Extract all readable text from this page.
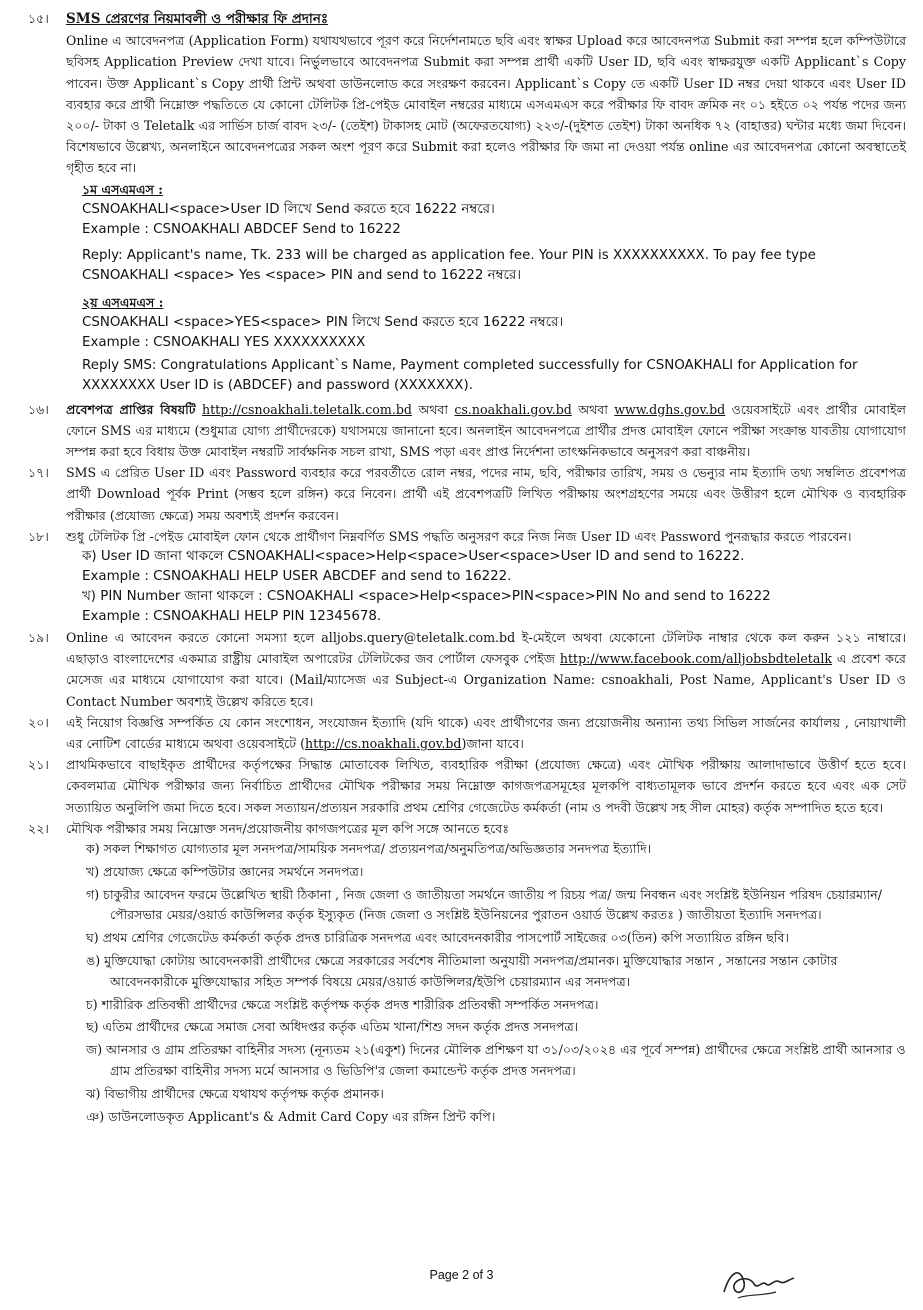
১৫।	SMS প্রেরণের নিয়মাবলী ও পরীক্ষার ফি প্রদানঃ

Online এ আবেদনপত্র (Application Form) যথাযথভাবে পূরণ করে নির্দেশনামতে ছবি এবং স্বাক্ষর Upload করে আবেদনপত্র Submit করা সম্পন্ন হলে কম্পিউটারে ছবিসহ Application Preview দেখা যাবে। নির্ভুলভাবে আবেদনপত্র Submit করা সম্পন্ন প্রার্থী একটি User ID, ছবি এবং স্বাক্ষরযুক্ত একটি Applicant`s Copy পাবেন। উক্ত Applicant`s Copy প্রার্থী প্রিন্ট অথবা ডাউনলোড করে সংরক্ষণ করবেন। Applicant`s Copy তে একটি User ID নম্বর দেয়া থাকবে এবং User ID ব্যবহার করে প্রার্থী নিম্নোক্ত পদ্ধতিতে যে কোনো টেলিটক প্রি-পেইড মোবাইল নম্বরের মাধ্যমে এসএমএস করে পরীক্ষার ফি বাবদ ক্রমিক নং ০১ হইতে ০২ পর্যন্ত পদের জন্য ২০০/- টাকা ও Teletalk এর সার্ভিস চার্জ বাবদ ২৩/- (তেইশ) টাকাসহ মোট (অফেরতযোগ্য) ২২৩/-(দুইশত তেইশ) টাকা অনধিক ৭২ (বাহাত্তর) ঘন্টার মধ্যে জমা দিবেন। বিশেষভাবে উল্লেখ্য, অনলাইনে আবেদনপত্রের সকল অংশ পূরণ করে Submit করা হলেও পরীক্ষার ফি জমা না দেওয়া পর্যন্ত online এর আবেদনপত্র কোনো অবস্থাতেই গৃহীত হবে না।

১ম এসএমএস :
CSNOAKHALI<space>User ID লিখে Send করতে হবে 16222 নম্বরে।
Example : CSNOAKHALI ABDCEF Send to 16222
Reply: Applicant's name, Tk. 233 will be charged as application fee. Your PIN is XXXXXXXXXX. To pay fee type CSNOAKHALI <space> Yes <space> PIN and send to 16222 নম্বরে।
২য় এসএমএস :
CSNOAKHALI <space>YES<space> PIN লিখে Send করতে হবে 16222 নম্বরে।
Example : CSNOAKHALI YES XXXXXXXXXX
Reply SMS: Congratulations Applicant`s Name, Payment completed successfully for CSNOAKHALI for Application for XXXXXXXX User ID is (ABDCEF) and password (XXXXXXX).
১৬।	প্রবেশপত্র প্রাপ্তির বিষয়টি http://csnoakhali.teletalk.com.bd অথবা cs.noakhali.gov.bd অথবা www.dghs.gov.bd ওয়েবসাইটে এবং প্রার্থীর মোবাইল ফোনে SMS এর মাধ্যমে (শুধুমাত্র যোগ্য প্রার্থীদেরকে) যথাসময়ে জানানো হবে। অনলাইন আবেদনপত্রে প্রার্থীর প্রদত্ত মোবাইল ফোনে পরীক্ষা সংক্রান্ত যাবতীয় যোগাযোগ সম্পন্ন করা হবে বিধায় উক্ত মোবাইল নম্বরটি সার্বক্ষনিক সচল রাখা, SMS পড়া এবং প্রাপ্ত নির্দেশনা তাৎক্ষনিকভাবে অনুসরণ করা বাঞ্চনীয়।

১৭।	SMS এ প্রেরিত User ID এবং Password ব্যবহার করে পরবর্তীতে রোল নম্বর, পদের নাম, ছবি, পরীক্ষার তারিখ, সময় ও ভেন্যুর নাম ইত্যাদি তথ্য সম্বলিত প্রবেশপত্র প্রার্থী Download পূর্বক Print (সম্ভব হলে রঙ্গিন) করে নিবেন। প্রার্থী এই প্রবেশপত্রটি লিখিত পরীক্ষায় অংশগ্রহণের সময়ে এবং উত্তীরণ হলে মৌখিক ও ব্যবহারিক পরীক্ষার (প্রযোজ্য ক্ষেত্রে) সময় অবশ্যই প্রদর্শন করবেন।

১৮।	শুধু টেলিটক প্রি -পেইড মোবাইল ফোন থেকে প্রার্থীগণ নিম্নবর্ণিত SMS পদ্ধতি অনুসরণ করে নিজ নিজ User ID এবং Password পুনরূদ্ধার করতে পারবেন।

ক) User ID জানা থাকলে CSNOAKHALI<space>Help<space>User<space>User ID and send to 16222.
Example : CSNOAKHALI HELP USER ABCDEF and send to 16222.
খ) PIN Number জানা থাকলে : CSNOAKHALI <space>Help<space>PIN<space>PIN No and send to 16222
Example : CSNOAKHALI HELP PIN 12345678.
১৯।	Online এ আবেদন করতে কোনো সমস্যা হলে alljobs.query@teletalk.com.bd ই-মেইলে অথবা যেকোনো টেলিটক নাম্বার থেকে কল করুন ১২১ নাম্বারে। এছাড়াও বাংলাদেশের একমাত্র রাষ্ট্রীয় মোবাইল অপারেটর টেলিটকের জব পোর্টাল ফেসবুক পেইজ http://www.facebook.com/alljobsbdteletalk এ প্রবেশ করে মেসেজ এর মাধ্যমে যোগাযোগ করা যাবে। (Mail/ম্যাসেজ এর Subject-এ Organization Name: csnoakhali, Post Name, Applicant's User ID ও Contact Number অবশ্যই উল্লেখ করিতে হবে।

২০।	এই নিয়োগ বিজ্ঞপ্তি সম্পর্কিত যে কোন সংশোধন, সংযোজন ইত্যাদি (যদি থাকে) এবং প্রার্থীগণের জন্য প্রয়োজনীয় অন্যান্য তথ্য সিভিল সার্জনের কার্যালয় , নোয়াখালী এর নোটিশ বোর্ডের মাধ্যমে অথবা ওয়েবসাইটে (http://cs.noakhali.gov.bd)জানা যাবে।

২১।	প্রাথমিকভাবে বাছাইকৃত প্রার্থীদের কর্তৃপক্ষের সিদ্ধান্ত মোতাবেক লিখিত, ব্যবহারিক পরীক্ষা (প্রযোজ্য ক্ষেত্রে) এবং মৌখিক পরীক্ষায় আলাদাভাবে উত্তীর্ণ হতে হবে। কেবলমাত্র মৌখিক পরীক্ষার জন্য নির্বাচিত প্রার্থীদের মৌখিক পরীক্ষার সময় নিম্নোক্ত কাগজপত্রসমূহের মূলকপি বাধ্যতামূলক ভাবে প্রদর্শন করতে হবে এবং এক সেট সত্যায়িত অনুলিপি জমা দিতে হবে। সকল সত্যায়ন/প্রত্যয়ন সরকারি প্রথম শ্রেণির গেজেটেড কর্মকর্তা (নাম ও পদবী উল্লেখ সহ সীল মোহর) কর্তৃক সম্পাদিত হতে হবে।

২২।	মৌখিক পরীক্ষার সময় নিম্নোক্ত সনদ/প্রয়োজনীয় কাগজপত্রের মূল কপি সঙ্গে আনতে হবেঃ

ক) সকল শিক্ষাগত যোগ্যতার মূল সনদপত্র/সাময়িক সনদপত্র/ প্রত্যয়নপত্র/অনুমতিপত্র/অভিজ্ঞতার সনদপত্র ইত্যাদি।

খ) প্রযোজ্য ক্ষেত্রে কম্পিউটার জ্ঞানের সমর্থনে সনদপত্র।

গ) চাকুরীর আবেদন ফরমে উল্লেখিত স্থায়ী ঠিকানা , নিজ জেলা ও জাতীয়তা সমর্থনে জাতীয় প রিচয় পত্র/ জন্ম নিবন্ধন এবং সংশ্লিষ্ট ইউনিয়ন পরিষদ চেয়ারম্যান/পৌরসভার মেয়র/ওয়ার্ড কাউন্সিলর কর্তৃক ইস্যুকৃত (নিজ জেলা ও সংশ্লিষ্ট ইউনিয়নের পুরাতন ওয়ার্ড উল্লেখ করতঃ ) জাতীয়তা ইত্যাদি সনদপত্র।

ঘ) প্রথম শ্রেণির গেজেটেড কর্মকর্তা কর্তৃক প্রদত্ত চারিত্রিক সনদপত্র এবং আবেদনকারীর পাসপোর্ট সাইজের ০৩(তিন) কপি সত্যায়িত রঙ্গিন ছবি।

ঙ) মুক্তিযোদ্ধা কোটায় আবেদনকারী প্রার্থীদের ক্ষেত্রে সরকারের সর্বশেষ নীতিমালা অনুযায়ী সনদপত্র/প্রমানক। মুক্তিযোদ্ধার সন্তান , সন্তানের সন্তান কোটার আবেদনকারীকে মুক্তিযোদ্ধার সহিত সম্পর্ক বিষয়ে মেয়র/ওয়ার্ড কাউন্সিলর/ইউপি চেয়ারম্যান এর সনদপত্র।

চ) শারীরিক প্রতিবন্ধী প্রার্থীদের ক্ষেত্রে সংশ্লিষ্ট কর্তৃপক্ষ কর্তৃক প্রদত্ত শারীরিক প্রতিবন্ধী সম্পর্কিত সনদপত্র।

ছ) এতিম প্রার্থীদের ক্ষেত্রে সমাজ সেবা অধিদপ্তর কর্তৃক এতিম খানা/শিশু সদন কর্তৃক প্রদত্ত সনদপত্র।

জ) আনসার ও গ্রাম প্রতিরক্ষা বাহিনীর সদস্য (নূন্যতম ২১(একুশ) দিনের মৌলিক প্রশিক্ষণ যা ৩১/০৩/২০২৪ এর পূর্বে সম্পন্ন) প্রার্থীদের ক্ষেত্রে সংশ্লিষ্ট প্রার্থী আনসার ও গ্রাম প্রতিরক্ষা বাহিনীর সদস্য মর্মে আনসার ও ভিডিপি'র জেলা কমান্ডেন্ট কর্তৃক প্রদত্ত সনদপত্র।

ঝ) বিভাগীয় প্রার্থীদের ক্ষেত্রে যথাযথ কর্তৃপক্ষ কর্তৃক প্রমানক।

ঞ) ডাউনলোডকৃত Applicant's & Admit Card Copy এর রঙ্গিন প্রিন্ট কপি।

Page 2 of 3
